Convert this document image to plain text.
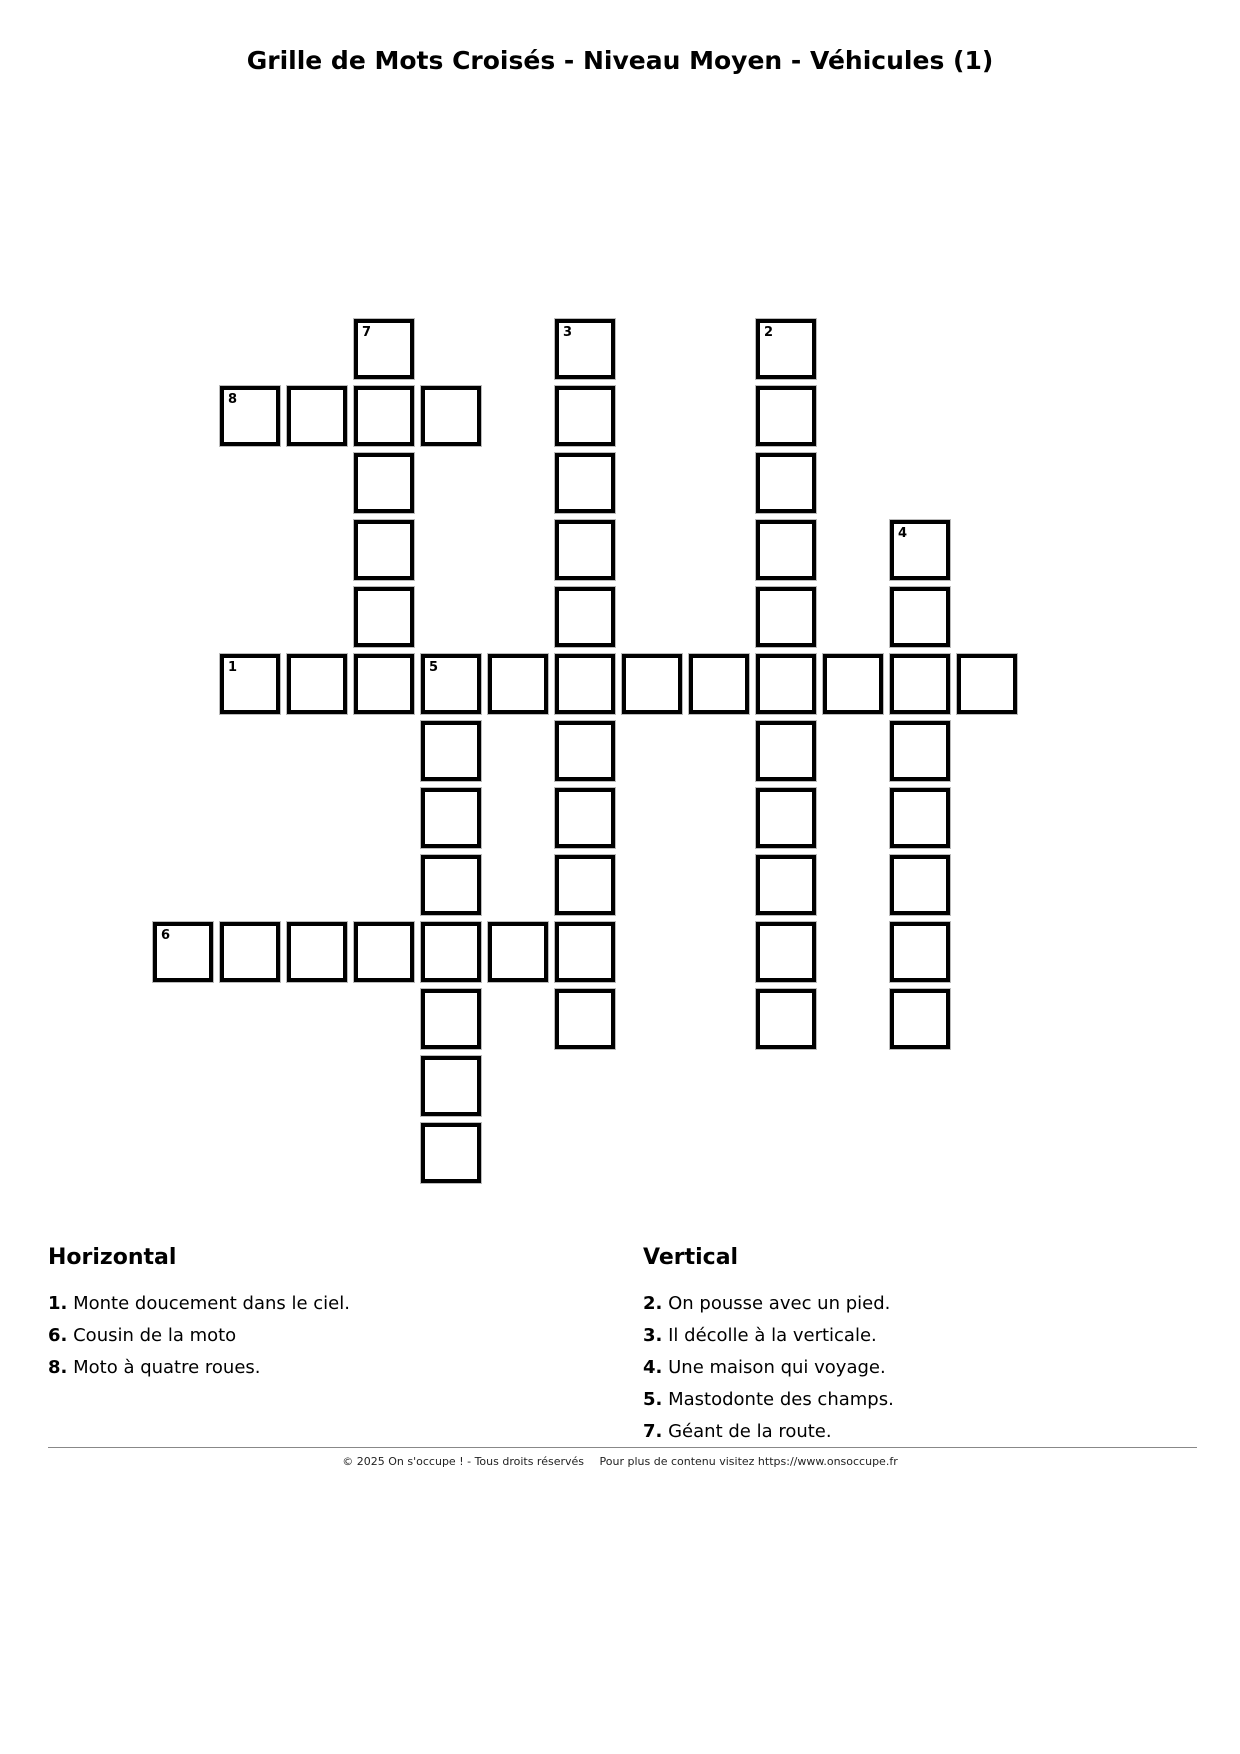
Grille de Mots Croisés - Niveau Moyen - Véhicules (1)
7	3	2
8
4
1	5
6
Horizontal
1. Monte doucement dans le ciel.
6. Cousin de la moto
8. Moto à quatre roues.
Vertical
2. On pousse avec un pied.
3. Il décolle à la verticale.
4. Une maison qui voyage.
5. Mastodonte des champs.
7. Géant de la route.
© 2025 On s'occupe ! - Tous droits réservés Pour plus de contenu visitez https://www.onsoccupe.fr
